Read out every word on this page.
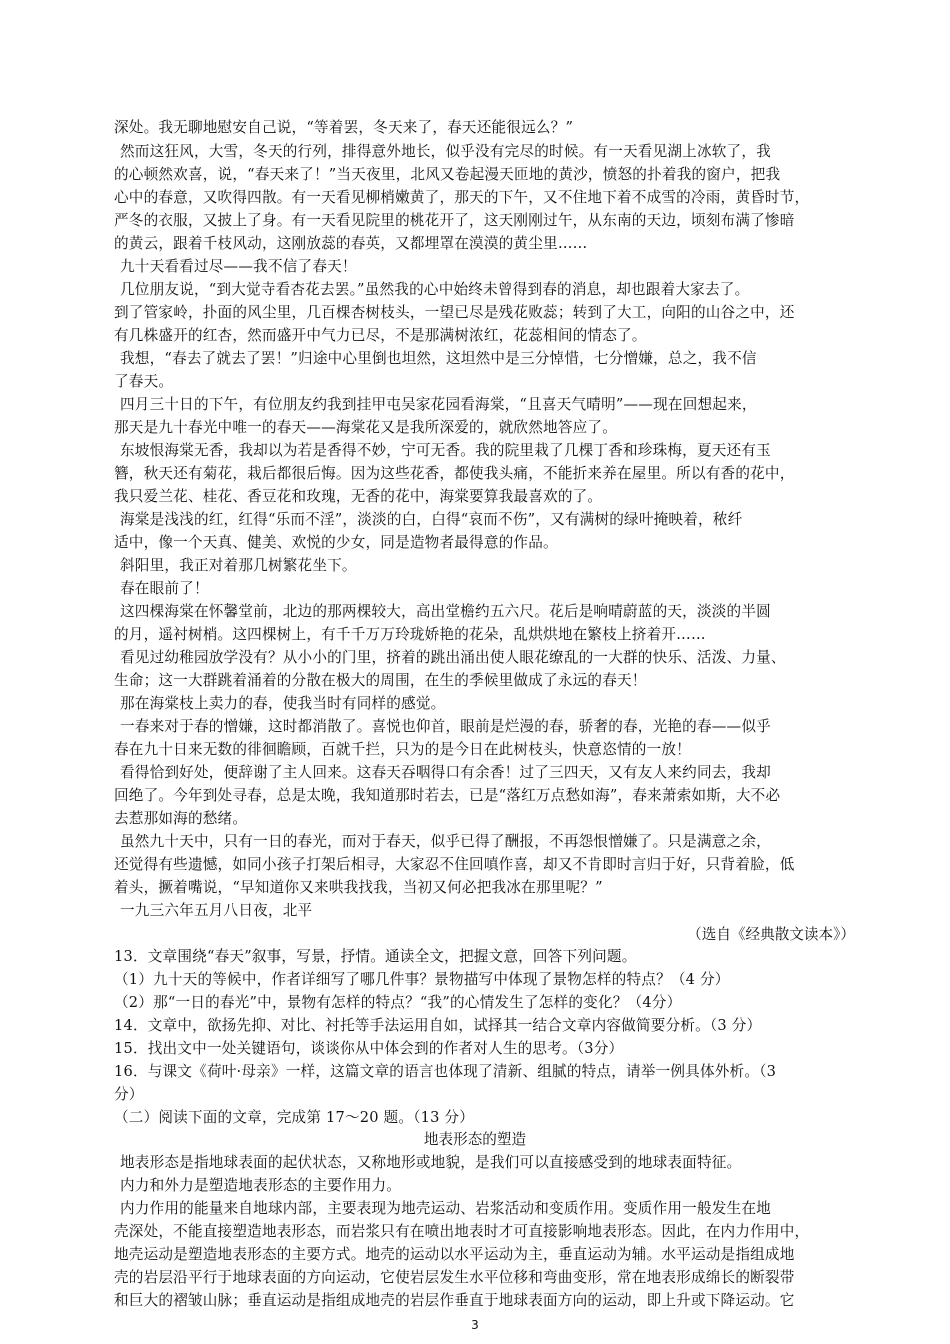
深处。我无聊地慰安自己说，“等着罢，冬天来了，春天还能很远么？”
然而这狂风，大雪，冬天的行列，排得意外地长，似乎没有完尽的时候。有一天看见湖上冰软了，我
的心顿然欢喜，说，“春天来了！”当天夜里，北风又卷起漫天匝地的黄沙，愤怒的扑着我的窗户，把我
心中的春意，又吹得四散。有一天看见柳梢嫩黄了，那天的下午，又不住地下着不成雪的冷雨，黄昏时节，
严冬的衣服，又披上了身。有一天看见院里的桃花开了，这天刚刚过午，从东南的天边，顷刻布满了惨暗
的黄云，跟着千枝风动，这刚放蕊的春英，又都埋罩在漠漠的黄尘里……
九十天看看过尽——我不信了春天！
几位朋友说，“到大觉寺看杏花去罢。”虽然我的心中始终未曾得到春的消息，却也跟着大家去了。
到了管家岭，扑面的风尘里，几百棵杏树枝头，一望已尽是残花败蕊；转到了大工，向阳的山谷之中，还
有几株盛开的红杏，然而盛开中气力已尽，不是那满树浓红，花蕊相间的情态了。
我想，“春去了就去了罢！”归途中心里倒也坦然，这坦然中是三分悼惜，七分憎嫌，总之，我不信
了春天。
四月三十日的下午，有位朋友约我到挂甲屯吴家花园看海棠，“且喜天气晴明”——现在回想起来，
那天是九十春光中唯一的春天——海棠花又是我所深爱的，就欣然地答应了。
东坡恨海棠无香，我却以为若是香得不妙，宁可无香。我的院里栽了几棵丁香和珍珠梅，夏天还有玉
簪，秋天还有菊花，栽后都很后悔。因为这些花香，都使我头痛，不能折来养在屋里。所以有香的花中，
我只爱兰花、桂花、香豆花和玫瑰，无香的花中，海棠要算我最喜欢的了。
海棠是浅浅的红，红得“乐而不淫”，淡淡的白，白得“哀而不伤”，又有满树的绿叶掩映着，秾纤
适中，像一个天真、健美、欢悦的少女，同是造物者最得意的作品。
斜阳里，我正对着那几树繁花坐下。
春在眼前了！
这四棵海棠在怀馨堂前，北边的那两棵较大，高出堂檐约五六尺。花后是响晴蔚蓝的天，淡淡的半圆
的月，遥衬树梢。这四棵树上，有千千万万玲珑娇艳的花朵，乱烘烘地在繁枝上挤着开……
看见过幼稚园放学没有？从小小的门里，挤着的跳出涌出使人眼花缭乱的一大群的快乐、活泼、力量、
生命；这一大群跳着涌着的分散在极大的周围，在生的季候里做成了永远的春天！
那在海棠枝上卖力的春，使我当时有同样的感觉。
一春来对于春的憎嫌，这时都消散了。喜悦也仰首，眼前是烂漫的春，骄奢的春，光艳的春——似乎
春在九十日来无数的徘徊瞻顾，百就千拦，只为的是今日在此树枝头，快意恣情的一放！
看得恰到好处，便辞谢了主人回来。这春天吞咽得口有余香！过了三四天，又有友人来约同去，我却
回绝了。今年到处寻春，总是太晚，我知道那时若去，已是“落红万点愁如海”，春来萧索如斯，大不必
去惹那如海的愁绪。
虽然九十天中，只有一日的春光，而对于春天，似乎已得了酬报，不再怨恨憎嫌了。只是满意之余，
还觉得有些遗憾，如同小孩子打架后相寻，大家忍不住回嗔作喜，却又不肯即时言归于好，只背着脸，低
着头，撅着嘴说，“早知道你又来哄我找我，当初又何必把我冰在那里呢？”
一九三六年五月八日夜，北平
（选自《经典散文读本》）
13．文章围绕“春天”叙事，写景，抒情。通读全文，把握文意，回答下列问题。
（1）九十天的等候中，作者详细写了哪几件事？景物描写中体现了景物怎样的特点？（4 分）
（2）那“一日的春光”中，景物有怎样的特点？“我”的心情发生了怎样的变化？（4分）
14．文章中，欲扬先抑、对比、衬托等手法运用自如，试择其一结合文章内容做简要分析。（3 分）
15．找出文中一处关键语句，谈谈你从中体会到的作者对人生的思考。（3分）
16．与课文《荷叶·母亲》一样，这篇文章的语言也体现了清新、组腻的特点，请举一例具体外析。（3
分）
（二）阅读下面的文章，完成第 17～20 题。（13 分）
地表形态的塑造
地表形态是指地球表面的起伏状态，又称地形或地貌，是我们可以直接感受到的地球表面特征。
内力和外力是塑造地表形态的主要作用力。
内力作用的能量来自地球内部，主要表现为地壳运动、岩浆活动和变质作用。变质作用一般发生在地
壳深处，不能直接塑造地表形态，而岩浆只有在喷出地表时才可直接影响地表形态。因此，在内力作用中，
地壳运动是塑造地表形态的主要方式。地壳的运动以水平运动为主，垂直运动为辅。水平运动是指组成地
壳的岩层沿平行于地球表面的方向运动，它使岩层发生水平位移和弯曲变形，常在地表形成绵长的断裂带
和巨大的褶皱山脉；垂直运动是指组成地壳的岩层作垂直于地球表面方向的运动，即上升或下降运动。它
3
